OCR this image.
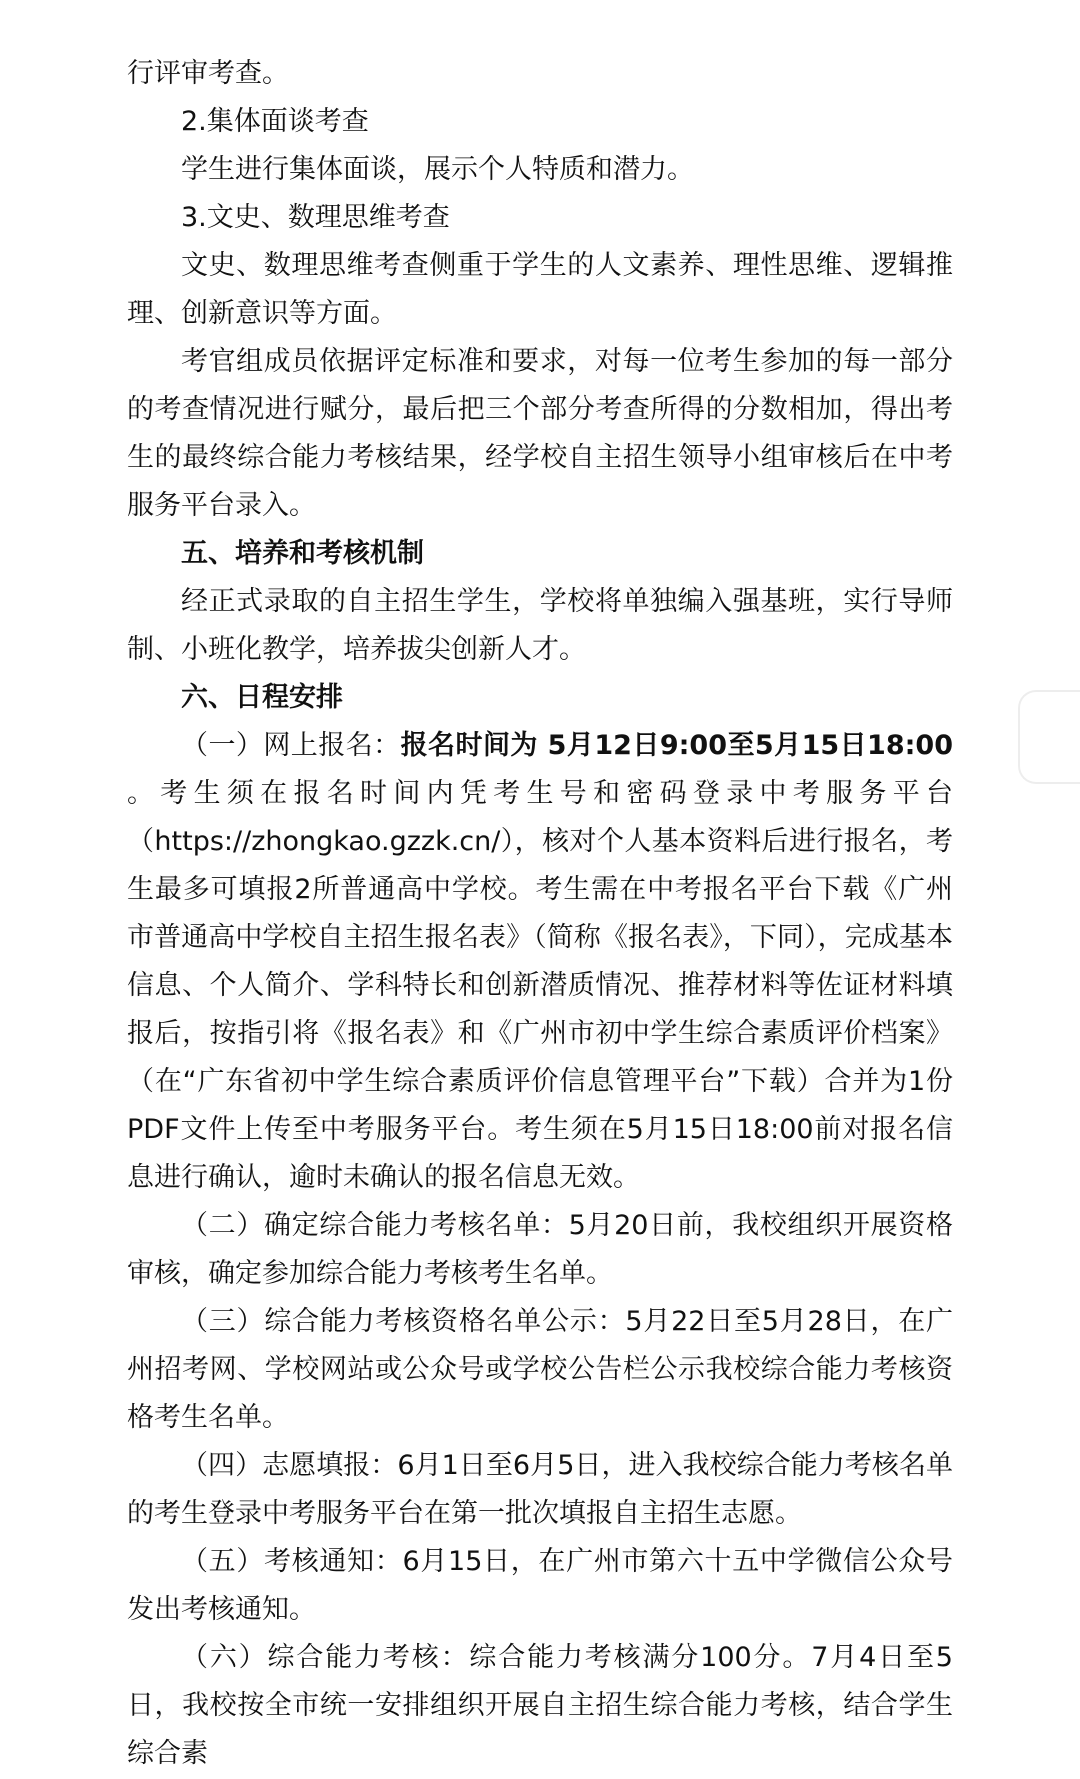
行评审考查。

2.集体面谈考查

学生进行集体面谈，展示个人特质和潜力。

3.文史、数理思维考查

文史、数理思维考查侧重于学生的人文素养、理性思维、逻辑推理、创新意识等方面。

考官组成员依据评定标准和要求，对每一位考生参加的每一部分的考查情况进行赋分，最后把三个部分考查所得的分数相加，得出考生的最终综合能力考核结果，经学校自主招生领导小组审核后在中考服务平台录入。

五、培养和考核机制

经正式录取的自主招生学生，学校将单独编入强基班，实行导师制、小班化教学，培养拔尖创新人才。

六、日程安排

（一）网上报名：报名时间为 5月12日9:00至5月15日18:00 。考生须在报名时间内凭考生号和密码登录中考服务平台（https://zhongkao.gzzk.cn/），核对个人基本资料后进行报名，考生最多可填报2所普通高中学校。考生需在中考报名平台下载《广州市普通高中学校自主招生报名表》（简称《报名表》，下同），完成基本信息、个人简介、学科特长和创新潜质情况、推荐材料等佐证材料填报后，按指引将《报名表》和《广州市初中学生综合素质评价档案》（在“广东省初中学生综合素质评价信息管理平台”下载）合并为1份PDF文件上传至中考服务平台。考生须在5月15日18:00前对报名信息进行确认，逾时未确认的报名信息无效。

（二）确定综合能力考核名单：5月20日前，我校组织开展资格审核，确定参加综合能力考核考生名单。

（三）综合能力考核资格名单公示：5月22日至5月28日，在广州招考网、学校网站或公众号或学校公告栏公示我校综合能力考核资格考生名单。

（四）志愿填报：6月1日至6月5日，进入我校综合能力考核名单的考生登录中考服务平台在第一批次填报自主招生志愿。

（五）考核通知：6月15日，在广州市第六十五中学微信公众号发出考核通知。

（六）综合能力考核：综合能力考核满分100分。7月4日至5日，我校按全市统一安排组织开展自主招生综合能力考核，结合学生综合素
